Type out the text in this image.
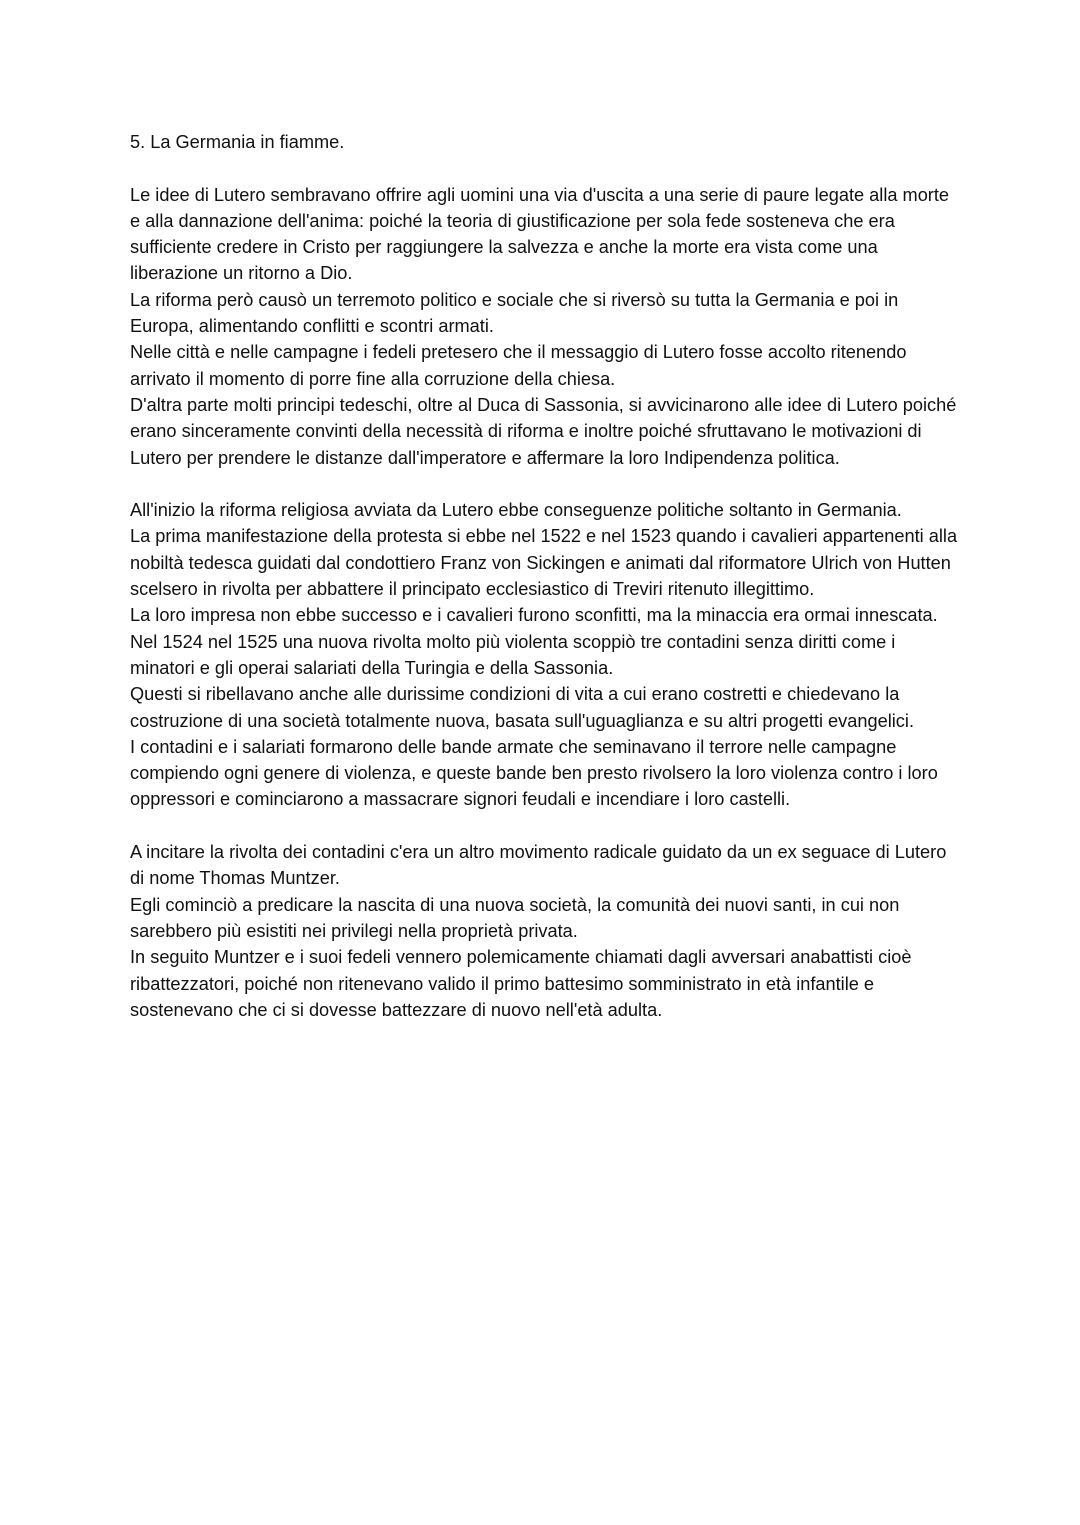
5. La Germania in fiamme.

Le idee di Lutero sembravano offrire agli uomini una via d'uscita a una serie di paure legate alla morte e alla dannazione dell'anima: poiché la teoria di giustificazione per sola fede sosteneva che era sufficiente credere in Cristo per raggiungere la salvezza e anche la morte era vista come una liberazione un ritorno a Dio.

La riforma però causò un terremoto politico e sociale che si riversò su tutta la Germania e poi in Europa, alimentando conflitti e scontri armati.

Nelle città e nelle campagne i fedeli pretesero che il messaggio di Lutero fosse accolto ritenendo arrivato il momento di porre fine alla corruzione della chiesa.

D'altra parte molti principi tedeschi, oltre al Duca di Sassonia, si avvicinarono alle idee di Lutero poiché erano sinceramente convinti della necessità di riforma e inoltre poiché sfruttavano le motivazioni di Lutero per prendere le distanze dall'imperatore e affermare la loro Indipendenza politica.

All'inizio la riforma religiosa avviata da Lutero ebbe conseguenze politiche soltanto in Germania.

La prima manifestazione della protesta si ebbe nel 1522 e nel 1523 quando i cavalieri appartenenti alla nobiltà tedesca guidati dal condottiero Franz von Sickingen e animati dal riformatore Ulrich von Hutten scelsero in rivolta per abbattere il principato ecclesiastico di Treviri ritenuto illegittimo.

La loro impresa non ebbe successo e i cavalieri furono sconfitti, ma la minaccia era ormai innescata.

Nel 1524 nel 1525 una nuova rivolta molto più violenta scoppiò tre contadini senza diritti come i minatori e gli operai salariati della Turingia e della Sassonia.

Questi si ribellavano anche alle durissime condizioni di vita a cui erano costretti e chiedevano la costruzione di una società totalmente nuova, basata sull'uguaglianza e su altri progetti evangelici.

I contadini e i salariati formarono delle bande armate che seminavano il terrore nelle campagne compiendo ogni genere di violenza, e queste bande ben presto rivolsero la loro violenza contro i loro oppressori e cominciarono a massacrare signori feudali e incendiare i loro castelli.

A incitare la rivolta dei contadini c'era un altro movimento radicale guidato da un ex seguace di Lutero di nome Thomas Muntzer.

Egli cominciò a predicare la nascita di una nuova società, la comunità dei nuovi santi, in cui non sarebbero più esistiti nei privilegi nella proprietà privata.

In seguito Muntzer e i suoi fedeli vennero polemicamente chiamati dagli avversari anabattisti cioè ribattezzatori, poiché non ritenevano valido il primo battesimo somministrato in età infantile e sostenevano che ci si dovesse battezzare di nuovo nell'età adulta.
